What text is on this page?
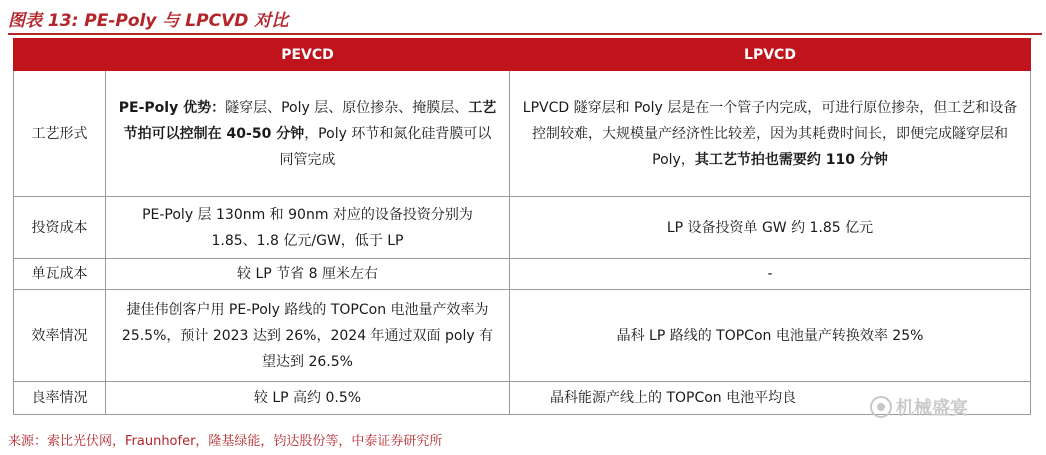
图表 13: PE-Poly 与 LPCVD 对比
	PEVCD	LPVCD
工艺形式	PE-Poly 优势：隧穿层、Poly 层、原位掺杂、掩膜层、工艺节拍可以控制在 40-50 分钟，Poly 环节和氮化硅背膜可以同管完成	LPVCD 隧穿层和 Poly 层是在一个管子内完成，可进行原位掺杂，但工艺和设备控制较难，大规模量产经济性比较差，因为其耗费时间长，即便完成隧穿层和 Poly，其工艺节拍也需要约 110 分钟
投资成本	PE-Poly 层 130nm 和 90nm 对应的设备投资分别为 1.85、1.8 亿元/GW，低于 LP	LP 设备投资单 GW 约 1.85 亿元
单瓦成本	较 LP 节省 8 厘米左右	-
效率情况	捷佳伟创客户用 PE-Poly 路线的 TOPCon 电池量产效率为 25.5%，预计 2023 达到 26%，2024 年通过双面 poly 有望达到 26.5%	晶科 LP 路线的 TOPCon 电池量产转换效率 25%
良率情况	较 LP 高约 0.5%	晶科能源产线上的 TOPCon 电池平均良
来源：索比光伏网，Fraunhofer，隆基绿能，钧达股份等，中泰证券研究所
机械盛宴
